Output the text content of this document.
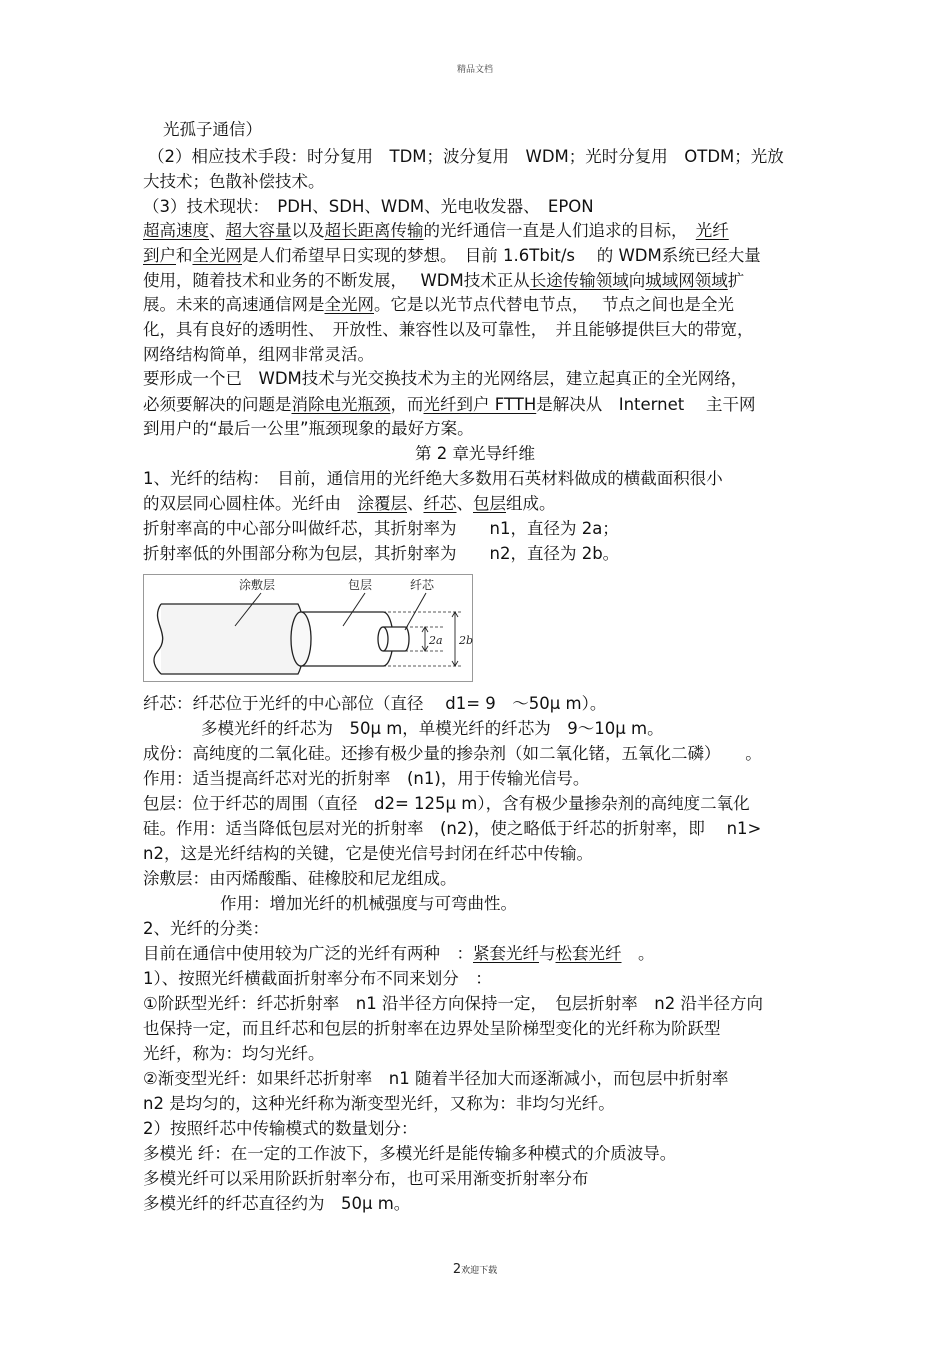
精品文档
光孤子通信）
（2）相应技术手段：时分复用　TDM；波分复用　WDM；光时分复用　OTDM；光放
大技术；色散补偿技术。
（3）技术现状：　PDH、SDH、WDM、光电收发器、　EPON
超高速度、超大容量以及超长距离传输的光纤通信一直是人们追求的目标，　光纤
到户和全光网是人们希望早日实现的梦想。　目前 1.6Tbit/s　 的 WDM系统已经大量
使用，随着技术和业务的不断发展，　 WDM技术正从长途传输领域向城域网领域扩
展。未来的高速通信网是全光网。它是以光节点代替电节点，　 节点之间也是全光
化，具有良好的透明性、　开放性、兼容性以及可靠性，　并且能够提供巨大的带宽，
网络结构简单，组网非常灵活。
要形成一个已　WDM技术与光交换技术为主的光网络层，建立起真正的全光网络，
必须要解决的问题是消除电光瓶颈，而光纤到户 FTTH是解决从　Internet　 主干网
到用户的“最后一公里”瓶颈现象的最好方案。
第 2 章光导纤维
1、光纤的结构：　目前，通信用的光纤绝大多数用石英材料做成的横截面积很小
的双层同心圆柱体。光纤由　涂覆层、纤芯、包层组成。
折射率高的中心部分叫做纤芯，其折射率为　　n1，直径为 2a；
折射率低的外围部分称为包层，其折射率为　　n2，直径为 2b。
涂敷层	包层	纤芯
2a 2b
纤芯：纤芯位于光纤的中心部位（直径　 d1= 9　～50μ m）。
多模光纤的纤芯为　50μ m，单模光纤的纤芯为　9～10μ m。
成份：高纯度的二氧化硅。还掺有极少量的掺杂剂（如二氧化锗，五氧化二磷）　　。
作用：适当提高纤芯对光的折射率　(n1)，用于传输光信号。
包层：位于纤芯的周围（直径　d2= 125μ m），含有极少量掺杂剂的高纯度二氧化
硅。作用：适当降低包层对光的折射率　(n2)，使之略低于纤芯的折射率，即　 n1>
n2，这是光纤结构的关键，它是使光信号封闭在纤芯中传输。
涂敷层：由丙烯酸酯、硅橡胶和尼龙组成。
作用：增加光纤的机械强度与可弯曲性。
2、光纤的分类：
目前在通信中使用较为广泛的光纤有两种　：紧套光纤与松套光纤　。
1）、按照光纤横截面折射率分布不同来划分　：
①阶跃型光纤：纤芯折射率　n1 沿半径方向保持一定，　包层折射率　n2 沿半径方向
也保持一定，而且纤芯和包层的折射率在边界处呈阶梯型变化的光纤称为阶跃型
光纤，称为：均匀光纤。
②渐变型光纤：如果纤芯折射率　n1 随着半径加大而逐渐减小，而包层中折射率
n2 是均匀的，这种光纤称为渐变型光纤，又称为：非均匀光纤。
2）按照纤芯中传输模式的数量划分：
多模光 纤：在一定的工作波下，多模光纤是能传输多种模式的介质波导。
多模光纤可以采用阶跃折射率分布，也可采用渐变折射率分布
多模光纤的纤芯直径约为　50μ m。
2欢迎下载
